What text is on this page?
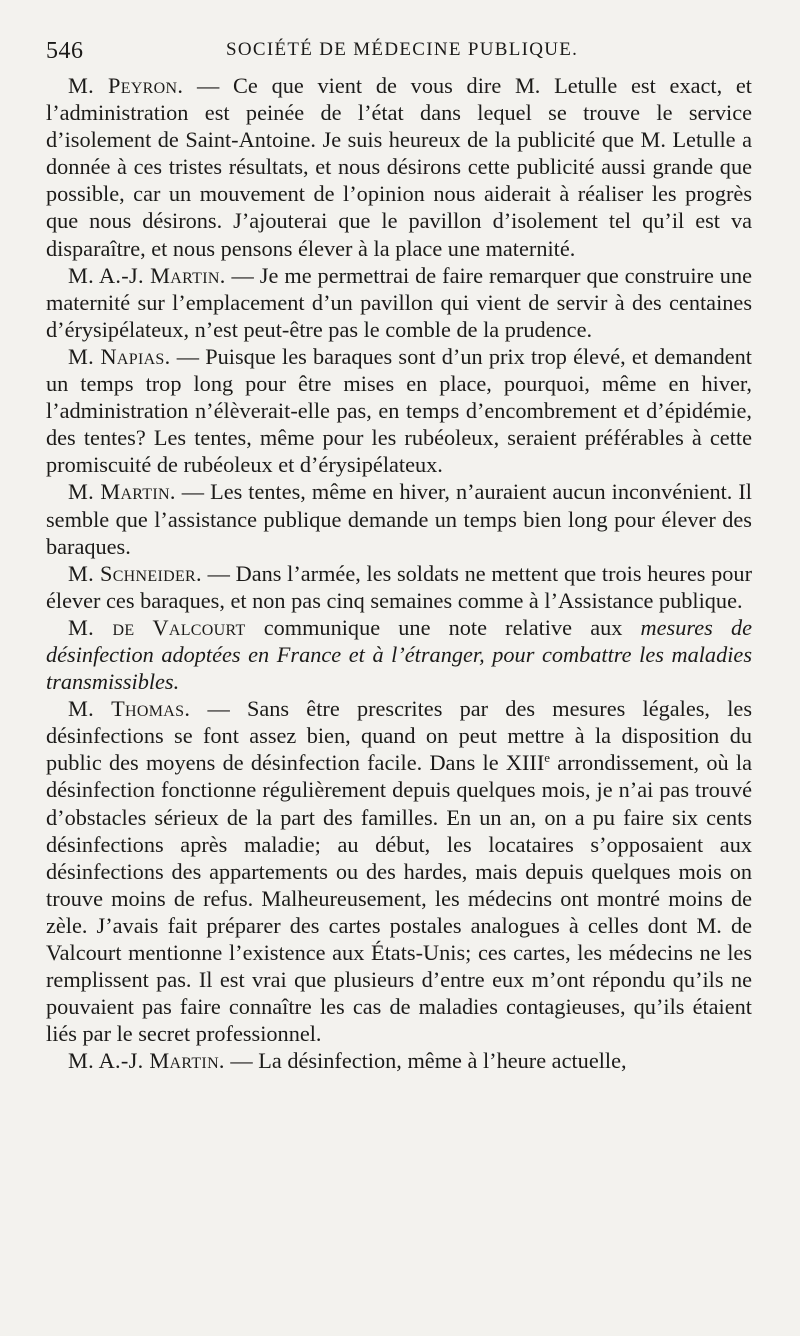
546	SOCIÉTÉ DE MÉDECINE PUBLIQUE.

M. Peyron. — Ce que vient de vous dire M. Letulle est exact, et l’administration est peinée de l’état dans lequel se trouve le service d’isolement de Saint-Antoine. Je suis heureux de la publicité que M. Letulle a donnée à ces tristes résultats, et nous désirons cette publicité aussi grande que possible, car un mouvement de l’opinion nous aiderait à réaliser les progrès que nous désirons. J’ajouterai que le pavillon d’isolement tel qu’il est va disparaître, et nous pensons élever à la place une maternité.

M. A.-J. Martin. — Je me permettrai de faire remarquer que construire une maternité sur l’emplacement d’un pavillon qui vient de servir à des centaines d’érysipélateux, n’est peut-être pas le comble de la prudence.

M. Napias. — Puisque les baraques sont d’un prix trop élevé, et demandent un temps trop long pour être mises en place, pourquoi, même en hiver, l’administration n’élèverait-elle pas, en temps d’encombrement et d’épidémie, des tentes? Les tentes, même pour les rubéoleux, seraient préférables à cette promiscuité de rubéoleux et d’érysipélateux.

M. Martin. — Les tentes, même en hiver, n’auraient aucun inconvénient. Il semble que l’assistance publique demande un temps bien long pour élever des baraques.

M. Schneider. — Dans l’armée, les soldats ne mettent que trois heures pour élever ces baraques, et non pas cinq semaines comme à l’Assistance publique.

M. de Valcourt communique une note relative aux mesures de désinfection adoptées en France et à l’étranger, pour combattre les maladies transmissibles.

M. Thomas. — Sans être prescrites par des mesures légales, les désinfections se font assez bien, quand on peut mettre à la disposition du public des moyens de désinfection facile. Dans le XIIIe arrondissement, où la désinfection fonctionne régulièrement depuis quelques mois, je n’ai pas trouvé d’obstacles sérieux de la part des familles. En un an, on a pu faire six cents désinfections après maladie; au début, les locataires s’opposaient aux désinfections des appartements ou des hardes, mais depuis quelques mois on trouve moins de refus. Malheureusement, les médecins ont montré moins de zèle. J’avais fait préparer des cartes postales analogues à celles dont M. de Valcourt mentionne l’existence aux États-Unis; ces cartes, les médecins ne les remplissent pas. Il est vrai que plusieurs d’entre eux m’ont répondu qu’ils ne pouvaient pas faire connaître les cas de maladies contagieuses, qu’ils étaient liés par le secret professionnel.

M. A.-J. Martin. — La désinfection, même à l’heure actuelle,
